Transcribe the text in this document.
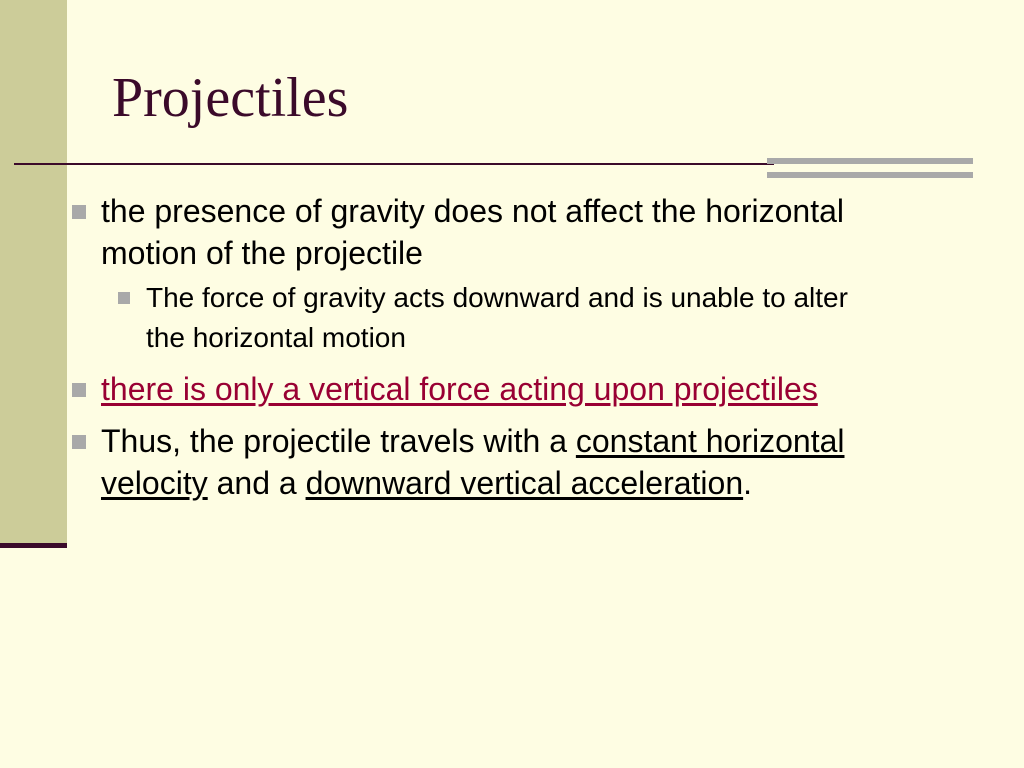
Projectiles
the presence of gravity does not affect the horizontal motion of the projectile
The force of gravity acts downward and is unable to alter the horizontal motion
there is only a vertical force acting upon projectiles
Thus, the projectile travels with a constant horizontal velocity and a downward vertical acceleration.
